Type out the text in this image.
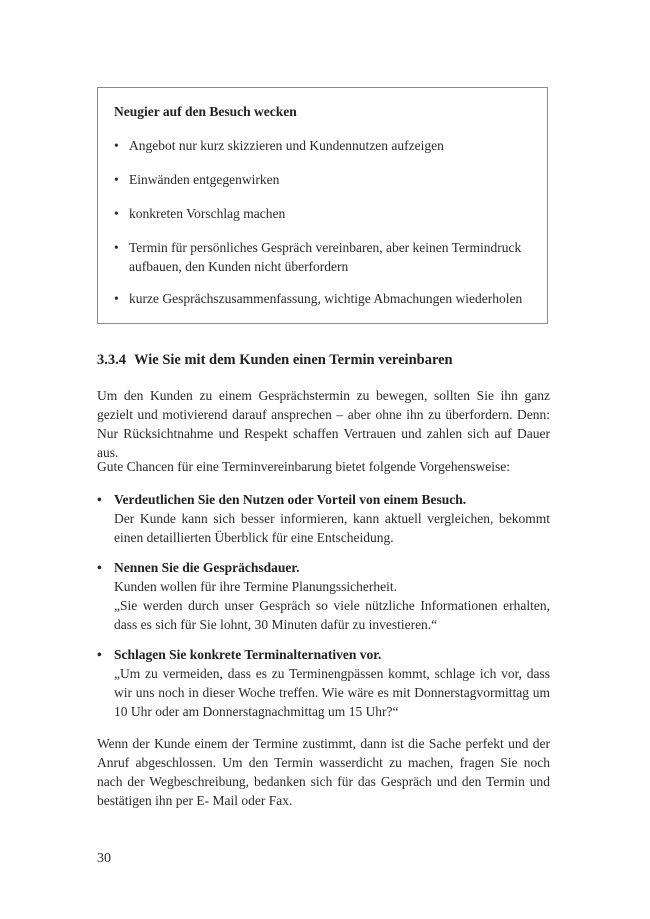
Neugier auf den Besuch wecken
• Angebot nur kurz skizzieren und Kundennutzen aufzeigen
• Einwänden entgegenwirken
• konkreten Vorschlag machen
• Termin für persönliches Gespräch vereinbaren, aber keinen Termindruck aufbauen, den Kunden nicht überfordern
• kurze Gesprächszusammenfassung, wichtige Abmachungen wiederholen
3.3.4 Wie Sie mit dem Kunden einen Termin vereinbaren
Um den Kunden zu einem Gesprächstermin zu bewegen, sollten Sie ihn ganz gezielt und motivierend darauf ansprechen – aber ohne ihn zu überfordern. Denn: Nur Rücksichtnahme und Respekt schaffen Vertrauen und zahlen sich auf Dauer aus.
Gute Chancen für eine Terminvereinbarung bietet folgende Vorgehensweise:
• Verdeutlichen Sie den Nutzen oder Vorteil von einem Besuch.
Der Kunde kann sich besser informieren, kann aktuell vergleichen, bekommt einen detaillierten Überblick für eine Entscheidung.
• Nennen Sie die Gesprächsdauer.
Kunden wollen für ihre Termine Planungssicherheit.
„Sie werden durch unser Gespräch so viele nützliche Informationen erhalten, dass es sich für Sie lohnt, 30 Minuten dafür zu investieren.“
• Schlagen Sie konkrete Terminalternativen vor.
„Um zu vermeiden, dass es zu Terminengpässen kommt, schlage ich vor, dass wir uns noch in dieser Woche treffen. Wie wäre es mit Donnerstagvormittag um 10 Uhr oder am Donnerstagnachmittag um 15 Uhr?“
Wenn der Kunde einem der Termine zustimmt, dann ist die Sache perfekt und der Anruf abgeschlossen. Um den Termin wasserdicht zu machen, fragen Sie noch nach der Wegbeschreibung, bedanken sich für das Gespräch und den Termin und bestätigen ihn per E- Mail oder Fax.
30
